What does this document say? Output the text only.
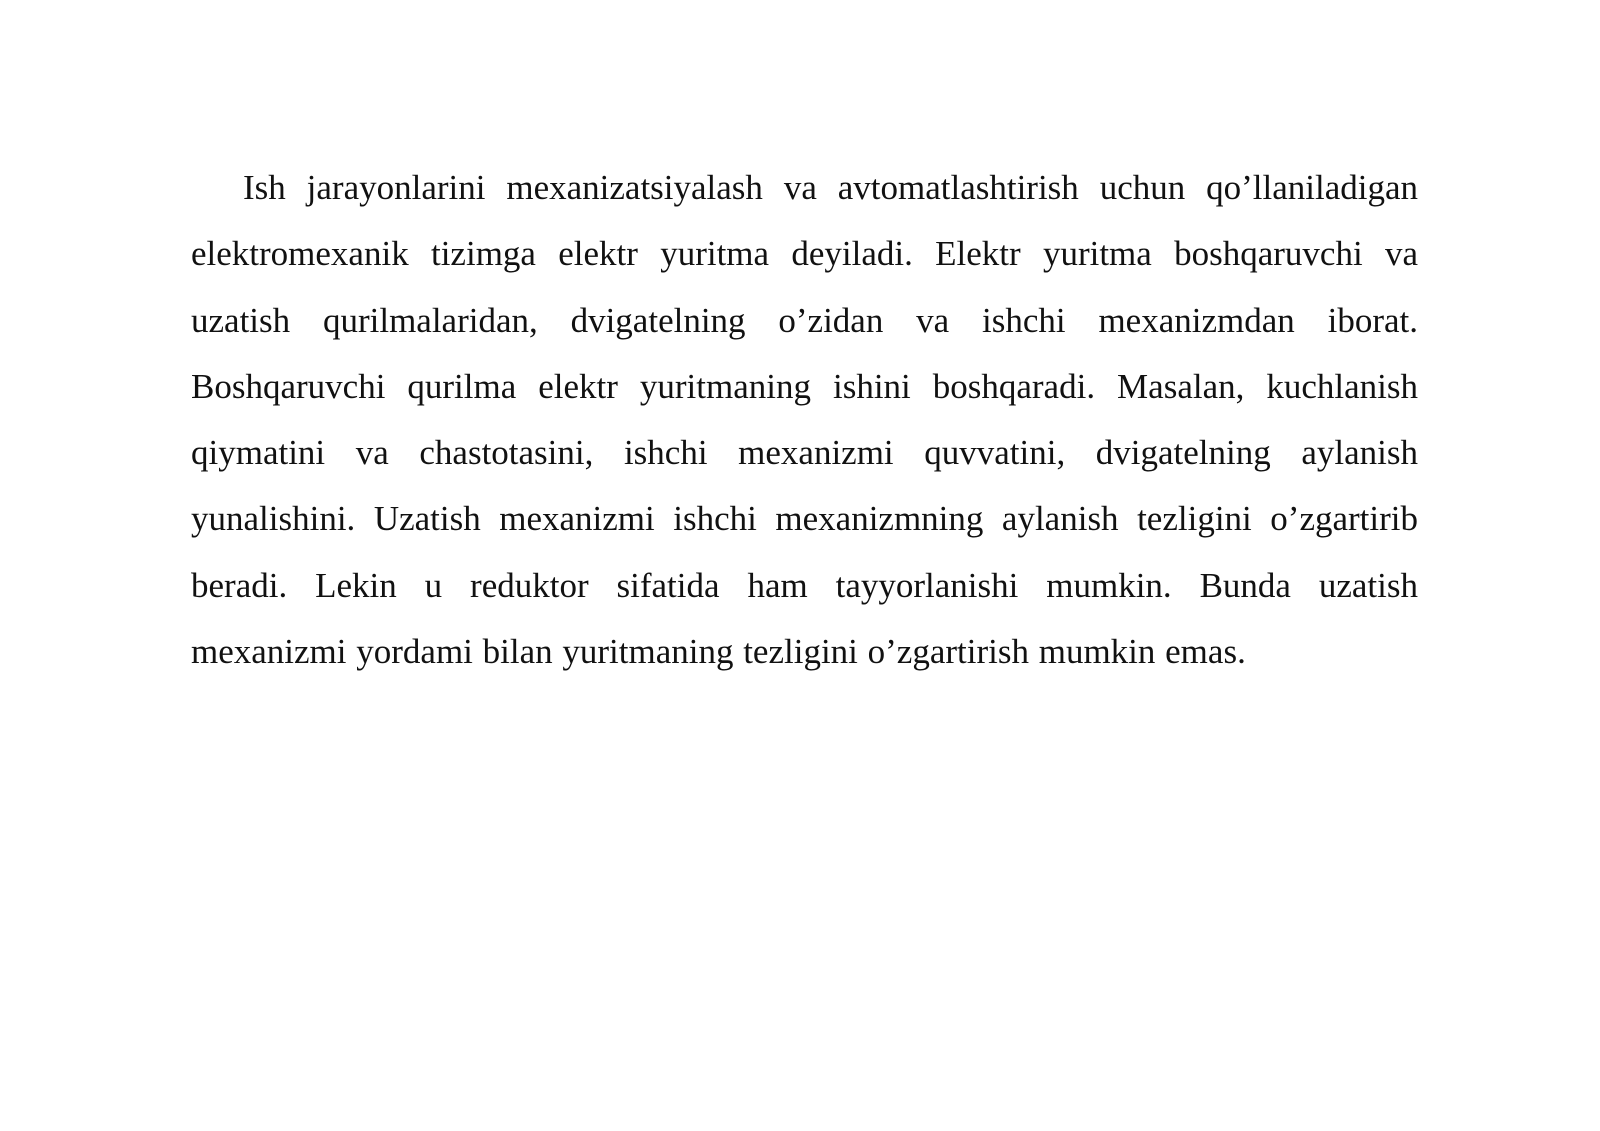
Ish jarayonlarini mexanizatsiyalash va avtomatlashtirish uchun qo’llaniladigan elektromexanik tizimga elektr yuritma deyiladi. Elektr yuritma boshqaruvchi va uzatish qurilmalaridan, dvigatelning o’zidan va ishchi mexanizmdan iborat. Boshqaruvchi qurilma elektr yuritmaning ishini boshqaradi. Masalan, kuchlanish qiymatini va chastotasini, ishchi mexanizmi quvvatini, dvigatelning aylanish yunalishini. Uzatish mexanizmi ishchi mexanizmning aylanish tezligini o’zgartirib beradi. Lekin u reduktor sifatida ham tayyorlanishi mumkin. Bunda uzatish mexanizmi yordami bilan yuritmaning tezligini o’zgartirish mumkin emas.
